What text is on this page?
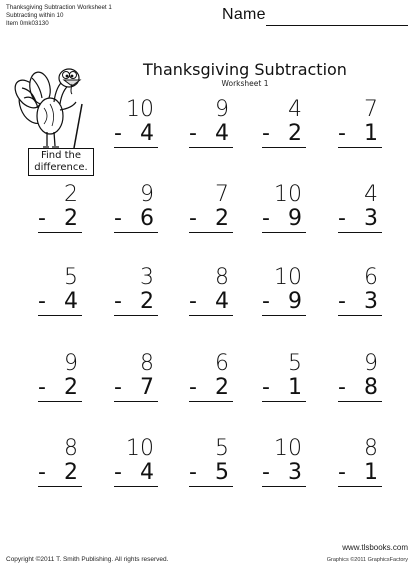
Thanksgiving Subtraction Worksheet 1
Subtracting within 10
Item 0mk03130
Name
Thanksgiving Subtraction
Worksheet 1
Find the
difference.
10
- 4
9
- 4
4
- 2
7
- 1
2
- 2
9
- 6
7
- 2
10
- 9
4
- 3
5
- 4
3
- 2
8
- 4
10
- 9
6
- 3
9
- 2
8
- 7
6
- 2
5
- 1
9
- 8
8
- 2
10
- 4
5
- 5
10
- 3
8
- 1
Copyright ©2011 T. Smith Publishing. All rights reserved.
www.tlsbooks.com
Graphics ©2011 GraphicsFactory
